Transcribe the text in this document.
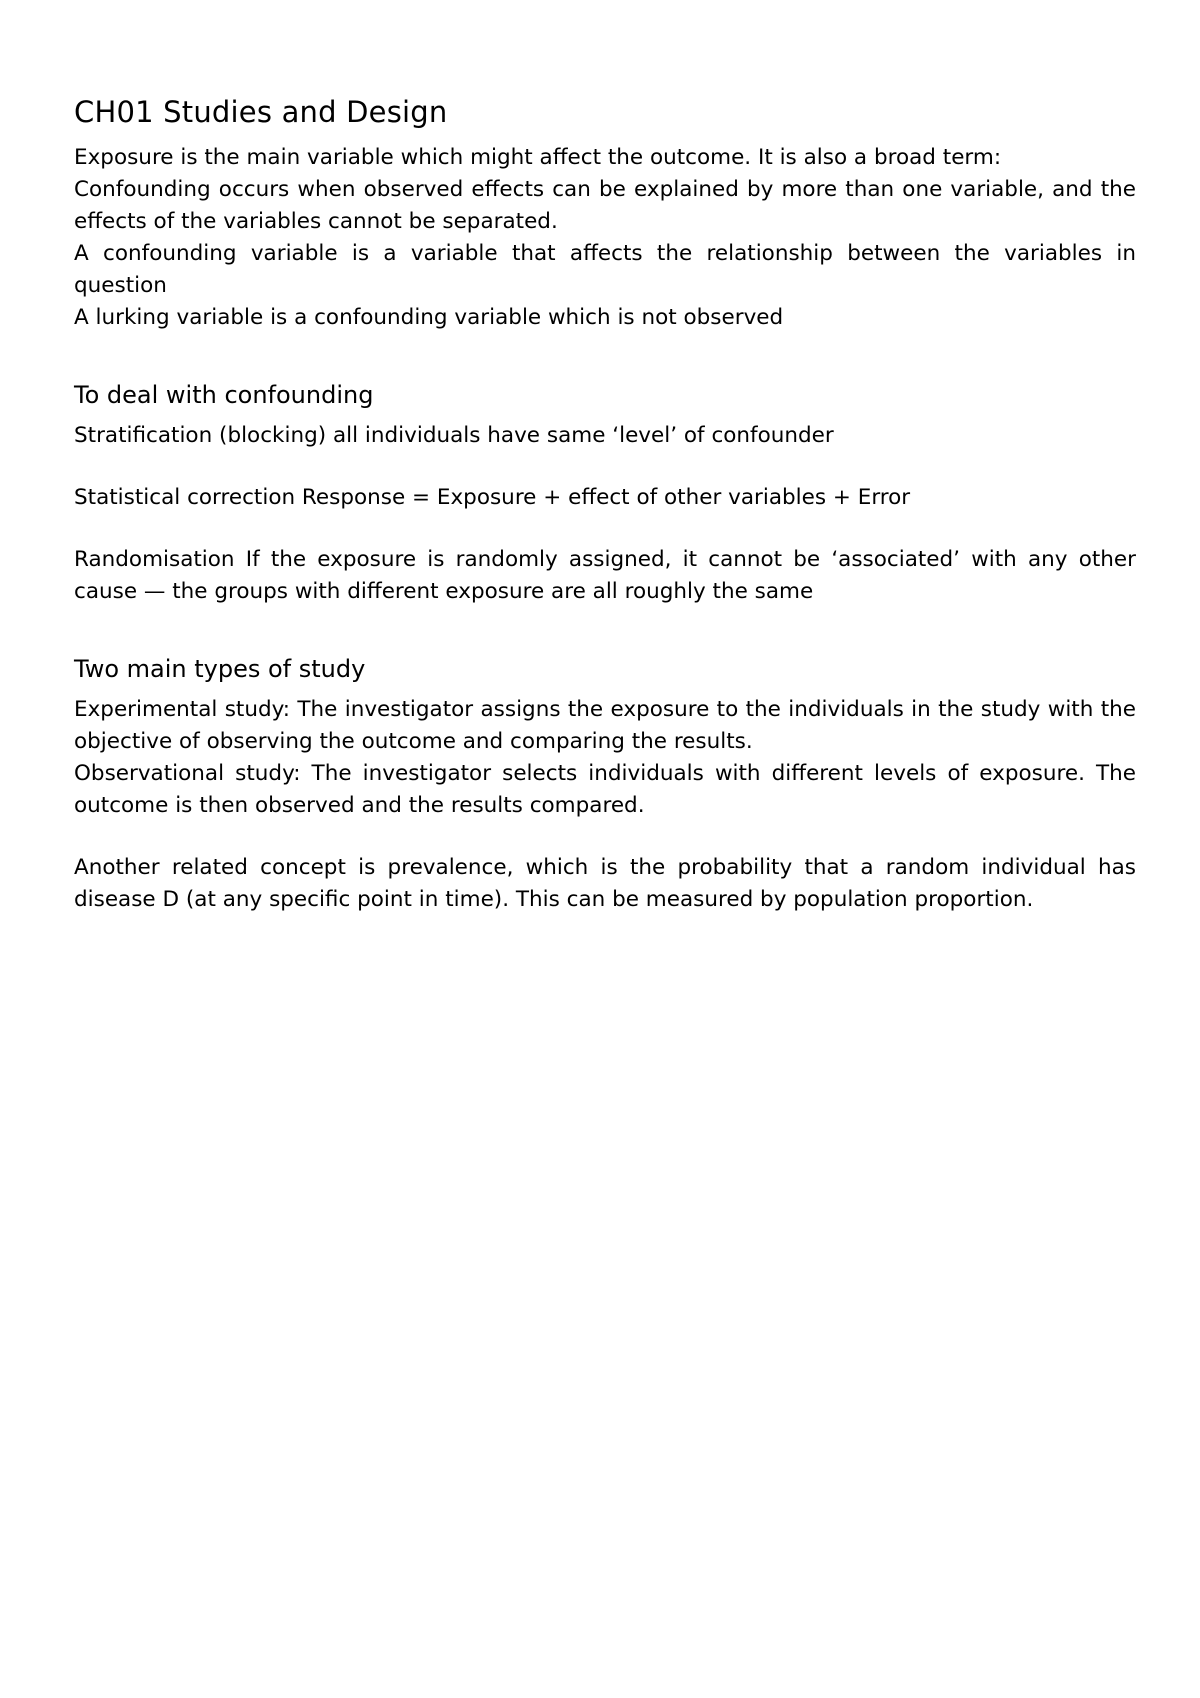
CH01 Studies and Design

Exposure is the main variable which might affect the outcome. It is also a broad term:

Confounding occurs when observed effects can be explained by more than one variable, and the effects of the variables cannot be separated.

A confounding variable is a variable that affects the relationship between the variables in question

A lurking variable is a confounding variable which is not observed

To deal with confounding

Stratification (blocking) all individuals have same ‘level’ of confounder

Statistical correction Response = Exposure + effect of other variables + Error

Randomisation If the exposure is randomly assigned, it cannot be ‘associated’ with any other cause — the groups with different exposure are all roughly the same

Two main types of study

Experimental study: The investigator assigns the exposure to the individuals in the study with the objective of observing the outcome and comparing the results.

Observational study: The investigator selects individuals with different levels of exposure. The outcome is then observed and the results compared.

Another related concept is prevalence, which is the probability that a random individual has disease D (at any specific point in time). This can be measured by population proportion.
